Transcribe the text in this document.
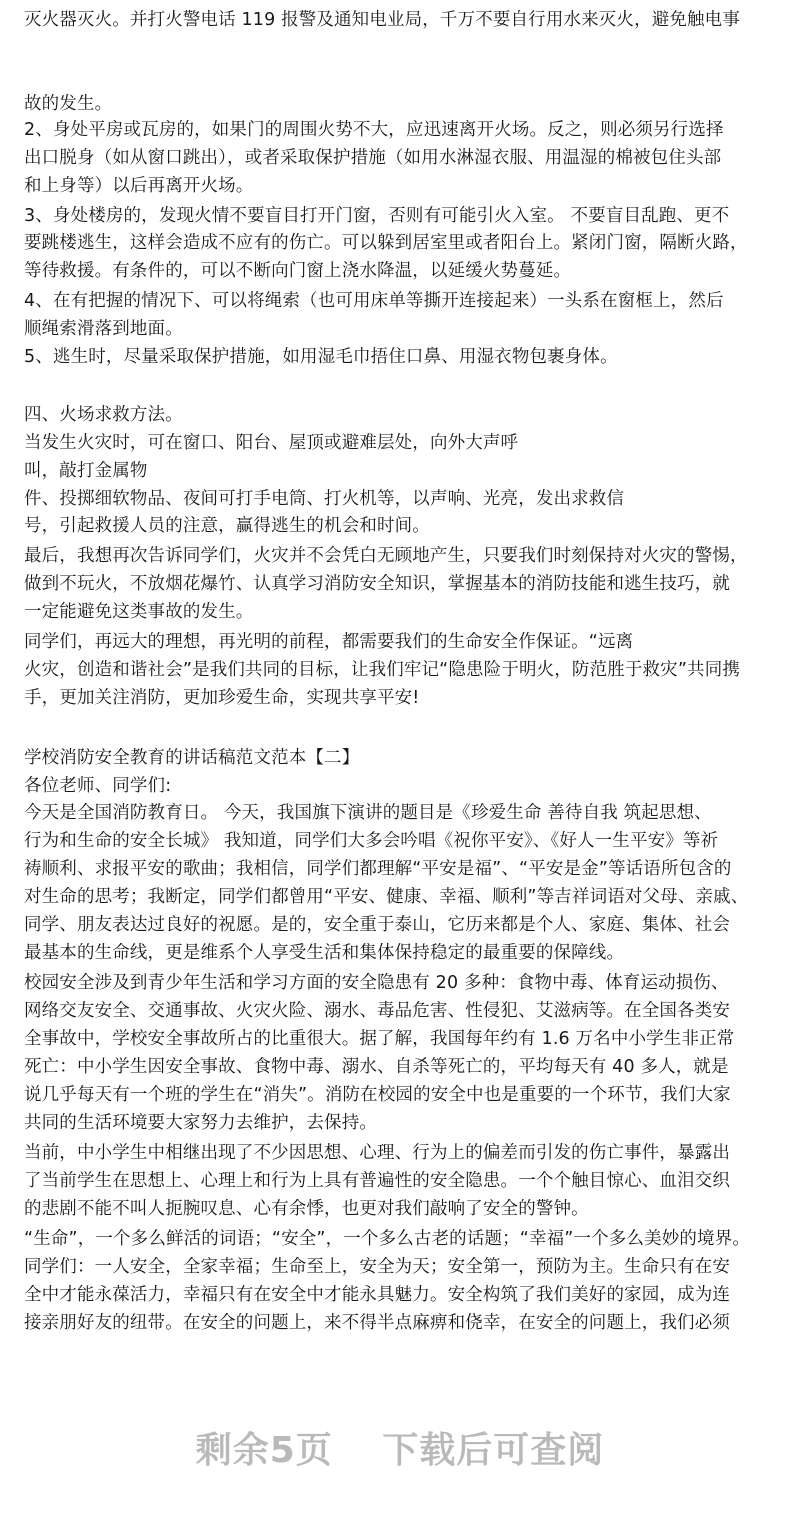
灭火器灭火。并打火警电话 119 报警及通知电业局，千万不要自行用水来灭火，避免触电事
故的发生。
2、身处平房或瓦房的，如果门的周围火势不大，应迅速离开火场。反之，则必须另行选择
出口脱身（如从窗口跳出），或者采取保护措施（如用水淋湿衣服、用温湿的棉被包住头部
和上身等）以后再离开火场。
3、身处楼房的，发现火情不要盲目打开门窗，否则有可能引火入室。 不要盲目乱跑、更不
要跳楼逃生，这样会造成不应有的伤亡。可以躲到居室里或者阳台上。紧闭门窗，隔断火路，
等待救援。有条件的，可以不断向门窗上浇水降温，以延缓火势蔓延。
4、在有把握的情况下、可以将绳索（也可用床单等撕开连接起来）一头系在窗框上，然后
顺绳索滑落到地面。
5、逃生时，尽量采取保护措施，如用湿毛巾捂住口鼻、用湿衣物包裹身体。
四、火场求救方法。
当发生火灾时，可在窗口、阳台、屋顶或避难层处，向外大声呼
叫，敲打金属物
件、投掷细软物品、夜间可打手电筒、打火机等，以声响、光亮，发出求救信
号，引起救援人员的注意，赢得逃生的机会和时间。
最后，我想再次告诉同学们，火灾并不会凭白无顾地产生，只要我们时刻保持对火灾的警惕，
做到不玩火，不放烟花爆竹、认真学习消防安全知识，掌握基本的消防技能和逃生技巧，就
一定能避免这类事故的发生。
同学们，再远大的理想，再光明的前程，都需要我们的生命安全作保证。“远离
火灾，创造和谐社会”是我们共同的目标，让我们牢记“隐患险于明火，防范胜于救灾”共同携
手，更加关注消防，更加珍爱生命，实现共享平安!
学校消防安全教育的讲话稿范文范本【二】
各位老师、同学们:
今天是全国消防教育日。 今天，我国旗下演讲的题目是《珍爱生命 善待自我 筑起思想、
行为和生命的安全长城》 我知道，同学们大多会吟唱《祝你平安》、《好人一生平安》等祈
祷顺利、求报平安的歌曲；我相信，同学们都理解“平安是福”、“平安是金”等话语所包含的
对生命的思考；我断定，同学们都曾用“平安、健康、幸福、顺利”等吉祥词语对父母、亲戚、
同学、朋友表达过良好的祝愿。是的，安全重于泰山，它历来都是个人、家庭、集体、社会
最基本的生命线，更是维系个人享受生活和集体保持稳定的最重要的保障线。
校园安全涉及到青少年生活和学习方面的安全隐患有 20 多种：食物中毒、体育运动损伤、
网络交友安全、交通事故、火灾火险、溺水、毒品危害、性侵犯、艾滋病等。在全国各类安
全事故中，学校安全事故所占的比重很大。据了解，我国每年约有 1.6 万名中小学生非正常
死亡：中小学生因安全事故、食物中毒、溺水、自杀等死亡的，平均每天有 40 多人，就是
说几乎每天有一个班的学生在“消失”。消防在校园的安全中也是重要的一个环节，我们大家
共同的生活环境要大家努力去维护，去保持。
当前，中小学生中相继出现了不少因思想、心理、行为上的偏差而引发的伤亡事件，暴露出
了当前学生在思想上、心理上和行为上具有普遍性的安全隐患。一个个触目惊心、血泪交织
的悲剧不能不叫人扼腕叹息、心有余悸，也更对我们敲响了安全的警钟。
“生命”，一个多么鲜活的词语；“安全”，一个多么古老的话题；“幸福”一个多么美妙的境界。
同学们：一人安全，全家幸福；生命至上，安全为天；安全第一，预防为主。生命只有在安
全中才能永葆活力，幸福只有在安全中才能永具魅力。安全构筑了我们美好的家园，成为连
接亲朋好友的纽带。在安全的问题上，来不得半点麻痹和侥幸，在安全的问题上，我们必须
剩余5页 下载后可查阅
